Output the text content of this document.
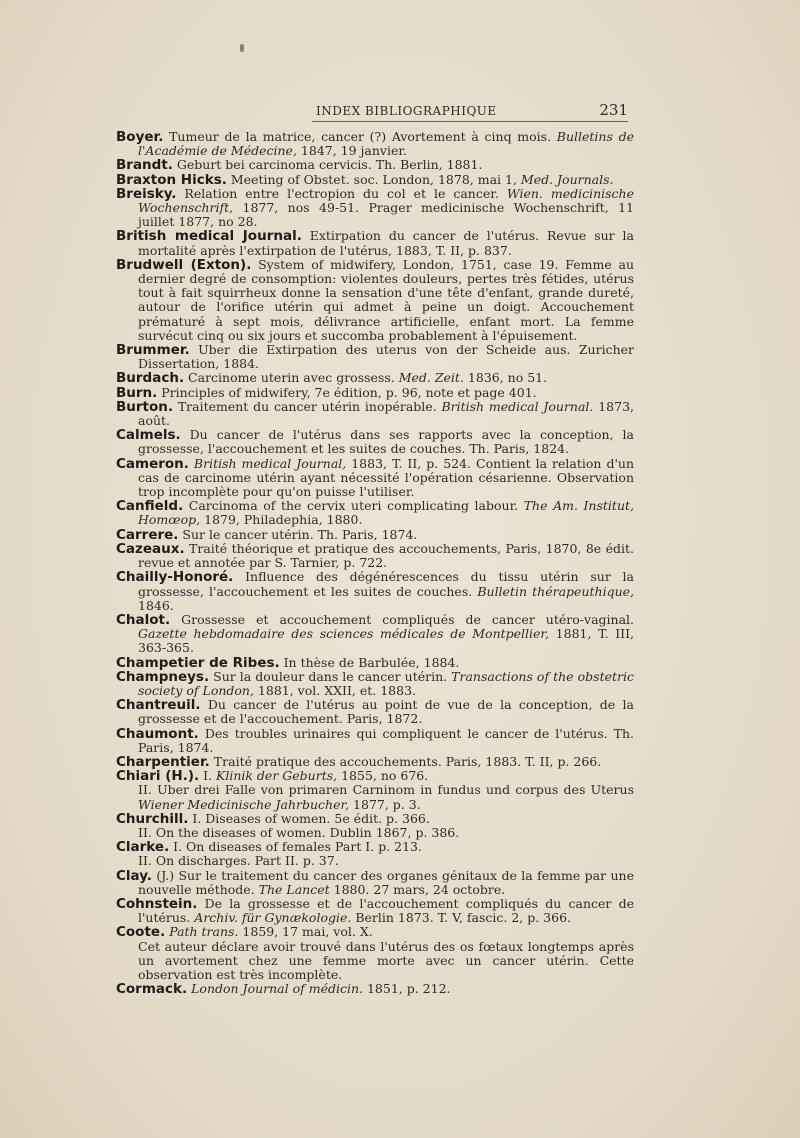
INDEX BIBLIOGRAPHIQUE	231

Boyer. Tumeur de la matrice, cancer (?) Avortement à cinq mois. Bulletins de l'Académie de Médecine, 1847, 19 janvier.

Brandt. Geburt bei carcinoma cervicis. Th. Berlin, 1881.

Braxton Hicks. Meeting of Obstet. soc. London, 1878, mai 1, Med. Journals.

Breisky. Relation entre l'ectropion du col et le cancer. Wien. medicinische Wochenschrift, 1877, nos 49-51. Prager medicinische Wochenschrift, 11 juillet 1877, no 28.

British medical Journal. Extirpation du cancer de l'utérus. Revue sur la mortalité après l'extirpation de l'utérus, 1883, T. II, p. 837.

Brudwell (Exton). System of midwifery, London, 1751, case 19. Femme au dernier degré de consomption: violentes douleurs, pertes très fétides, utérus tout à fait squirrheux donne la sensation d'une tête d'enfant, grande dureté, autour de l'orifice utérin qui admet à peine un doigt. Accouchement prématuré à sept mois, délivrance artificielle, enfant mort. La femme survécut cinq ou six jours et succomba probablement à l'épuisement.

Brummer. Uber die Extirpation des uterus von der Scheide aus. Zuricher Dissertation, 1884.

Burdach. Carcinome uterin avec grossess. Med. Zeit. 1836, no 51.

Burn. Principles of midwifery, 7e édition, p. 96, note et page 401.

Burton. Traitement du cancer utérin inopérable. British medical Journal. 1873, août.

Calmels. Du cancer de l'utérus dans ses rapports avec la conception, la grossesse, l'accouchement et les suites de couches. Th. Paris, 1824.

Cameron. British medical Journal, 1883, T. II, p. 524. Contient la relation d'un cas de carcinome utérin ayant nécessité l'opération césarienne. Observation trop incomplète pour qu'on puisse l'utiliser.

Canfield. Carcinoma of the cervix uteri complicating labour. The Am. Institut, Homœop, 1879, Philadephia, 1880.

Carrere. Sur le cancer utérin. Th. Paris, 1874.

Cazeaux. Traité théorique et pratique des accouchements, Paris, 1870, 8e édit. revue et annotée par S. Tarnier, p. 722.

Chailly-Honoré. Influence des dégénérescences du tissu utérin sur la grossesse, l'accouchement et les suites de couches. Bulletin thérapeuthique, 1846.

Chalot. Grossesse et accouchement compliqués de cancer utéro-vaginal. Gazette hebdomadaire des sciences médicales de Montpellier, 1881, T. III, 363-365.

Champetier de Ribes. In thèse de Barbulée, 1884.

Champneys. Sur la douleur dans le cancer utérin. Transactions of the obstetric society of London, 1881, vol. XXII, et. 1883.

Chantreuil. Du cancer de l'utérus au point de vue de la conception, de la grossesse et de l'accouchement. Paris, 1872.

Chaumont. Des troubles urinaires qui compliquent le cancer de l'utérus. Th. Paris, 1874.

Charpentier. Traité pratique des accouchements. Paris, 1883. T. II, p. 266.

Chiari (H.). I. Klinik der Geburts, 1855, no 676.

II. Uber drei Falle von primaren Carninom in fundus und corpus des Uterus Wiener Medicinische Jahrbucher, 1877, p. 3.

Churchill. I. Diseases of women. 5e édit. p. 366.

II. On the diseases of women. Dublin 1867, p. 386.

Clarke. I. On diseases of females Part I. p. 213.

II. On discharges. Part II. p. 37.

Clay. (J.) Sur le traitement du cancer des organes génitaux de la femme par une nouvelle méthode. The Lancet 1880. 27 mars, 24 octobre.

Cohnstein. De la grossesse et de l'accouchement compliqués du cancer de l'utérus. Archiv. für Gynækologie. Berlin 1873. T. V, fascic. 2, p. 366.

Coote. Path trans. 1859, 17 mai, vol. X.

Cet auteur déclare avoir trouvé dans l'utérus des os fœtaux longtemps après un avortement chez une femme morte avec un cancer utérin. Cette observation est très incomplète.

Cormack. London Journal of médicin. 1851, p. 212.
